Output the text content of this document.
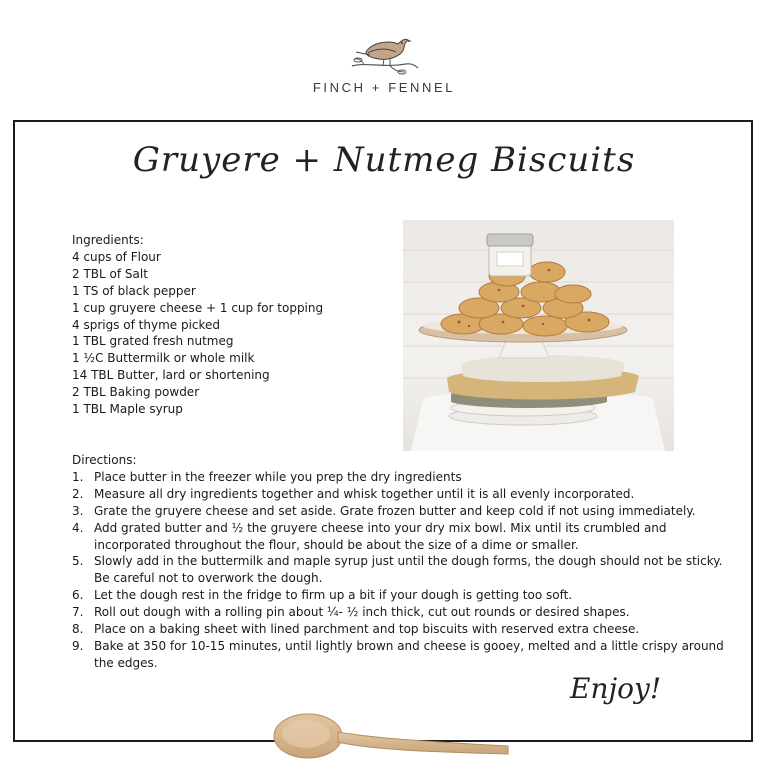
FINCH + FENNEL
Gruyere + Nutmeg Biscuits
Ingredients:
4 cups of Flour
2 TBL of Salt
1 TS of black pepper
1 cup gruyere cheese + 1 cup for topping
4 sprigs of thyme picked
1 TBL grated fresh nutmeg
1 ½C Buttermilk or whole milk
14 TBL Butter, lard or shortening
2 TBL Baking powder
1 TBL Maple syrup
Directions:
1. Place butter in the freezer while you prep the dry ingredients
2. Measure all dry ingredients together and whisk together until it is all evenly incorporated.
3. Grate the gruyere cheese and set aside. Grate frozen butter and keep cold if not using immediately.
4. Add grated butter and ½ the gruyere cheese into your dry mix bowl. Mix until its crumbled and
incorporated throughout the flour, should be about the size of a dime or smaller.
5. Slowly add in the buttermilk and maple syrup just until the dough forms, the dough should not be sticky.
Be careful not to overwork the dough.
6. Let the dough rest in the fridge to firm up a bit if your dough is getting too soft.
7. Roll out dough with a rolling pin about ¼- ½ inch thick, cut out rounds or desired shapes.
8. Place on a baking sheet with lined parchment and top biscuits with reserved extra cheese.
9. Bake at 350 for 10-15 minutes, until lightly brown and cheese is gooey, melted and a little crispy around
the edges.
Enjoy!
